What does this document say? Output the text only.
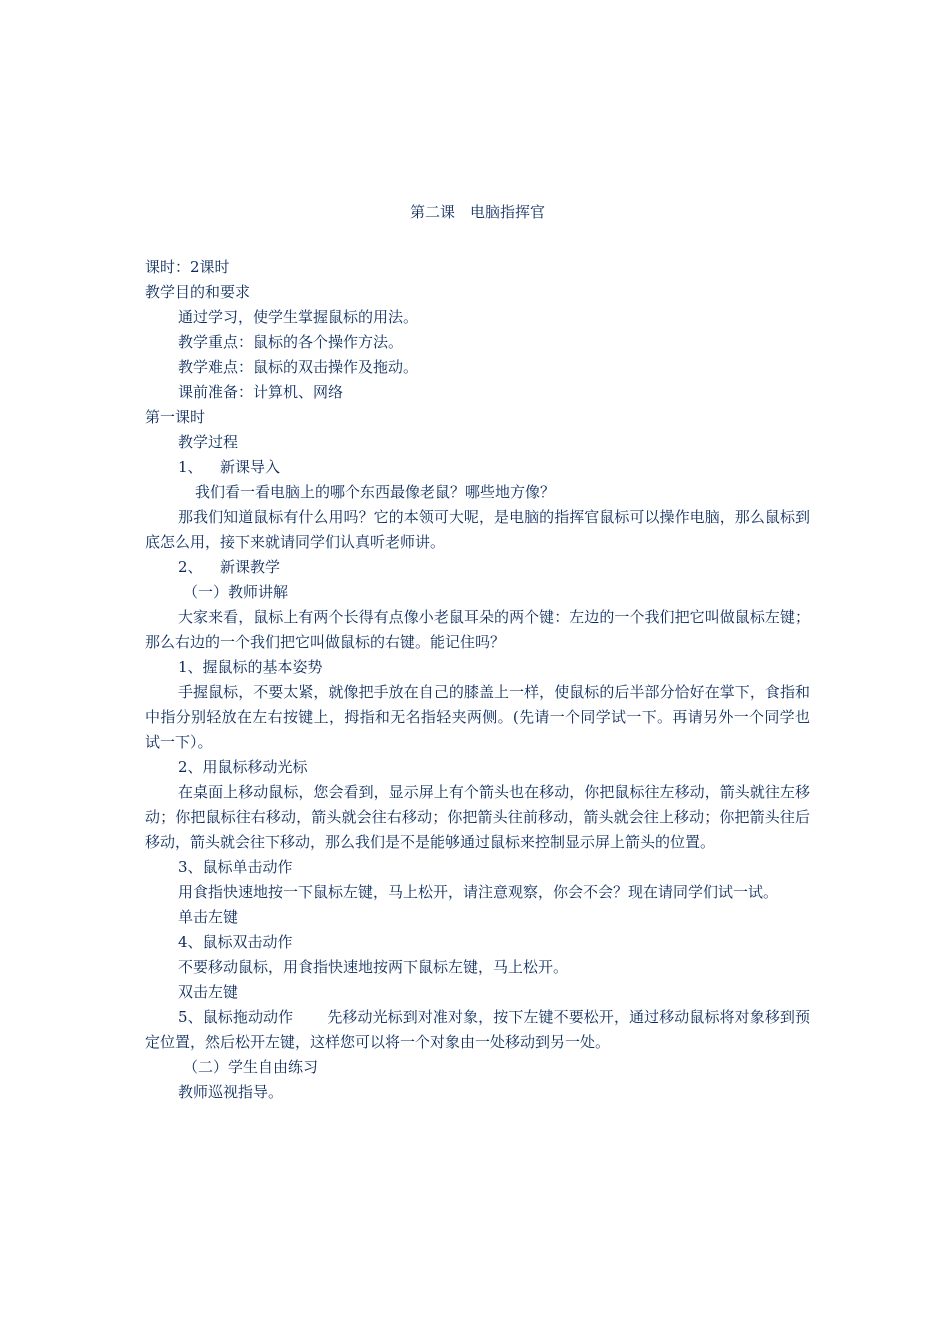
第二课　电脑指挥官

课时：2课时

教学目的和要求

通过学习，使学生掌握鼠标的用法。

教学重点：鼠标的各个操作方法。

教学难点：鼠标的双击操作及拖动。

课前准备：计算机、网络

第一课时

教学过程

1、 新课导入

我们看一看电脑上的哪个东西最像老鼠？哪些地方像？

那我们知道鼠标有什么用吗？它的本领可大呢，是电脑的指挥官鼠标可以操作电脑，那么鼠标到底怎么用，接下来就请同学们认真听老师讲。

2、 新课教学

（一）教师讲解

大家来看，鼠标上有两个长得有点像小老鼠耳朵的两个键：左边的一个我们把它叫做鼠标左键；那么右边的一个我们把它叫做鼠标的右键。能记住吗？

1、握鼠标的基本姿势

手握鼠标，不要太紧，就像把手放在自己的膝盖上一样，使鼠标的后半部分恰好在掌下，食指和中指分别轻放在左右按键上，拇指和无名指轻夹两侧。(先请一个同学试一下。再请另外一个同学也试一下）。

2、用鼠标移动光标

在桌面上移动鼠标，您会看到，显示屏上有个箭头也在移动，你把鼠标往左移动，箭头就往左移动；你把鼠标往右移动，箭头就会往右移动；你把箭头往前移动，箭头就会往上移动；你把箭头往后移动，箭头就会往下移动，那么我们是不是能够通过鼠标来控制显示屏上箭头的位置。

3、鼠标单击动作

用食指快速地按一下鼠标左键，马上松开，请注意观察，你会不会？现在请同学们试一试。

单击左键

4、鼠标双击动作

不要移动鼠标，用食指快速地按两下鼠标左键，马上松开。

双击左键

5、鼠标拖动动作 先移动光标到对准对象，按下左键不要松开，通过移动鼠标将对象移到预定位置，然后松开左键，这样您可以将一个对象由一处移动到另一处。

（二）学生自由练习

教师巡视指导。
